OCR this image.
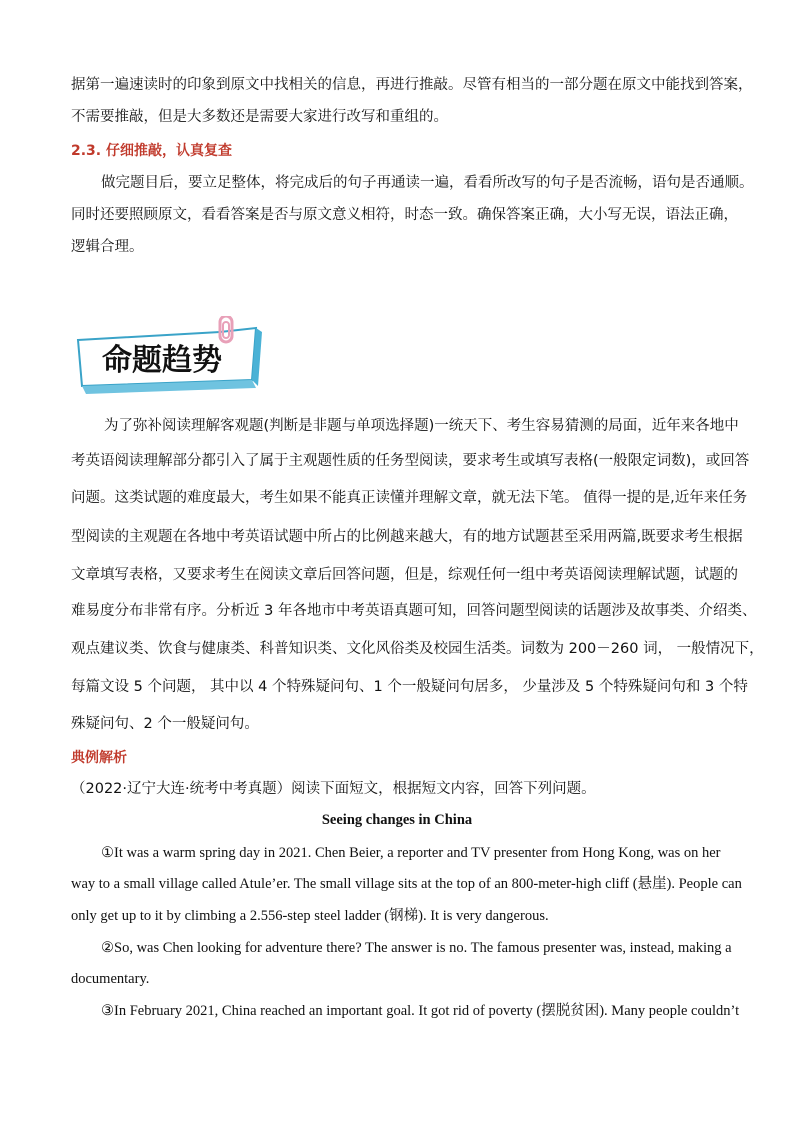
据第一遍速读时的印象到原文中找相关的信息，再进行推敲。尽管有相当的一部分题在原文中能找到答案，
不需要推敲，但是大多数还是需要大家进行改写和重组的。
2.3. 仔细推敲，认真复查
做完题目后，要立足整体，将完成后的句子再通读一遍，看看所改写的句子是否流畅，语句是否通顺。
同时还要照顾原文，看看答案是否与原文意义相符，时态一致。确保答案正确，大小写无误，语法正确，
逻辑合理。
命题趋势
为了弥补阅读理解客观题(判断是非题与单项选择题)一统天下、考生容易猜测的局面，近年来各地中
考英语阅读理解部分都引入了属于主观题性质的任务型阅读，要求考生或填写表格(一般限定词数)，或回答
问题。这类试题的难度最大，考生如果不能真正读懂并理解文章，就无法下笔。 值得一提的是,近年来任务
型阅读的主观题在各地中考英语试题中所占的比例越来越大，有的地方试题甚至采用两篇,既要求考生根据
文章填写表格，又要求考生在阅读文章后回答问题，但是，综观任何一组中考英语阅读理解试题，试题的
难易度分布非常有序。分析近 3 年各地市中考英语真题可知，回答问题型阅读的话题涉及故事类、介绍类、
观点建议类、饮食与健康类、科普知识类、文化风俗类及校园生活类。词数为 200－260 词， 一般情况下，
每篇文设 5 个问题， 其中以 4 个特殊疑问句、1 个一般疑问句居多， 少量涉及 5 个特殊疑问句和 3 个特
殊疑问句、2 个一般疑问句。
典例解析
（2022·辽宁大连·统考中考真题）阅读下面短文，根据短文内容，回答下列问题。
Seeing changes in China
①It was a warm spring day in 2021. Chen Beier, a reporter and TV presenter from Hong Kong, was on her
way to a small village called Atule’er. The small village sits at the top of an 800-meter-high cliff (悬崖). People can
only get up to it by climbing a 2.556-step steel ladder (钢梯). It is very dangerous.
②So, was Chen looking for adventure there? The answer is no. The famous presenter was, instead, making a
documentary.
③In February 2021, China reached an important goal. It got rid of poverty (摆脱贫困). Many people couldn’t
